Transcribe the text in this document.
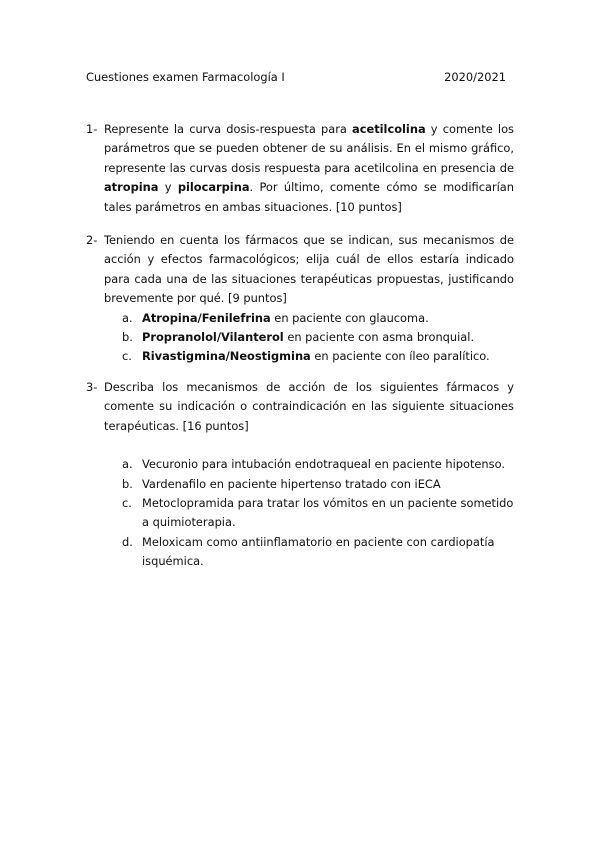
Cuestiones examen Farmacología I	2020/2021
1- Represente la curva dosis-respuesta para acetilcolina y comente los parámetros que se pueden obtener de su análisis. En el mismo gráfico, represente las curvas dosis respuesta para acetilcolina en presencia de atropina y pilocarpina. Por último, comente cómo se modificarían tales parámetros en ambas situaciones. [10 puntos]
2- Teniendo en cuenta los fármacos que se indican, sus mecanismos de acción y efectos farmacológicos; elija cuál de ellos estaría indicado para cada una de las situaciones terapéuticas propuestas, justificando brevemente por qué. [9 puntos]
a. Atropina/Fenilefrina en paciente con glaucoma.
b. Propranolol/Vilanterol en paciente con asma bronquial.
c. Rivastigmina/Neostigmina en paciente con íleo paralítico.
3- Describa los mecanismos de acción de los siguientes fármacos y comente su indicación o contraindicación en las siguiente situaciones terapéuticas. [16 puntos]
a. Vecuronio para intubación endotraqueal en paciente hipotenso.
b. Vardenafilo en paciente hipertenso tratado con iECA
c. Metoclopramida para tratar los vómitos en un paciente sometido a quimioterapia.
d. Meloxicam como antiinflamatorio en paciente con cardiopatía isquémica.
